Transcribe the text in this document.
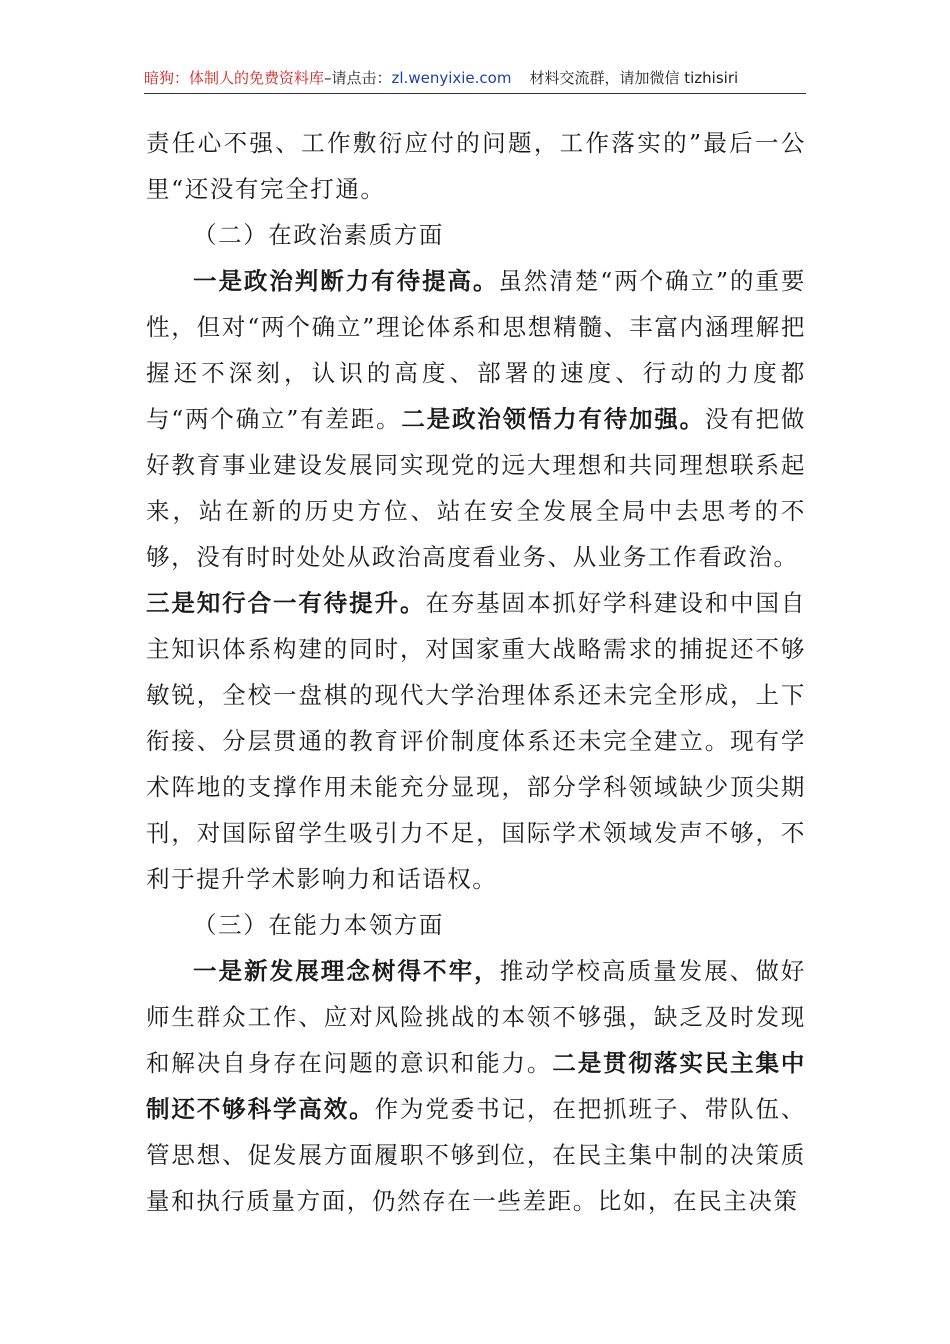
暗狗：体制人的免费资料库–请点击：zl.wenyixie.com 材料交流群，请加微信 tizhisiri

责任心不强、工作敷衍应付的问题，工作落实的”最后一公里“还没有完全打通。

（二）在政治素质方面

一是政治判断力有待提高。虽然清楚“两个确立”的重要性，但对“两个确立”理论体系和思想精髓、丰富内涵理解把握还不深刻，认识的高度、部署的速度、行动的力度都与“两个确立”有差距。二是政治领悟力有待加强。没有把做好教育事业建设发展同实现党的远大理想和共同理想联系起来，站在新的历史方位、站在安全发展全局中去思考的不够，没有时时处处从政治高度看业务、从业务工作看政治。

三是知行合一有待提升。在夯基固本抓好学科建设和中国自主知识体系构建的同时，对国家重大战略需求的捕捉还不够敏锐，全校一盘棋的现代大学治理体系还未完全形成，上下衔接、分层贯通的教育评价制度体系还未完全建立。现有学术阵地的支撑作用未能充分显现，部分学科领域缺少顶尖期刊，对国际留学生吸引力不足，国际学术领域发声不够，不利于提升学术影响力和话语权。

（三）在能力本领方面

一是新发展理念树得不牢，推动学校高质量发展、做好师生群众工作、应对风险挑战的本领不够强，缺乏及时发现和解决自身存在问题的意识和能力。二是贯彻落实民主集中制还不够科学高效。作为党委书记，在把抓班子、带队伍、管思想、促发展方面履职不够到位，在民主集中制的决策质量和执行质量方面，仍然存在一些差距。比如，在民主决策
